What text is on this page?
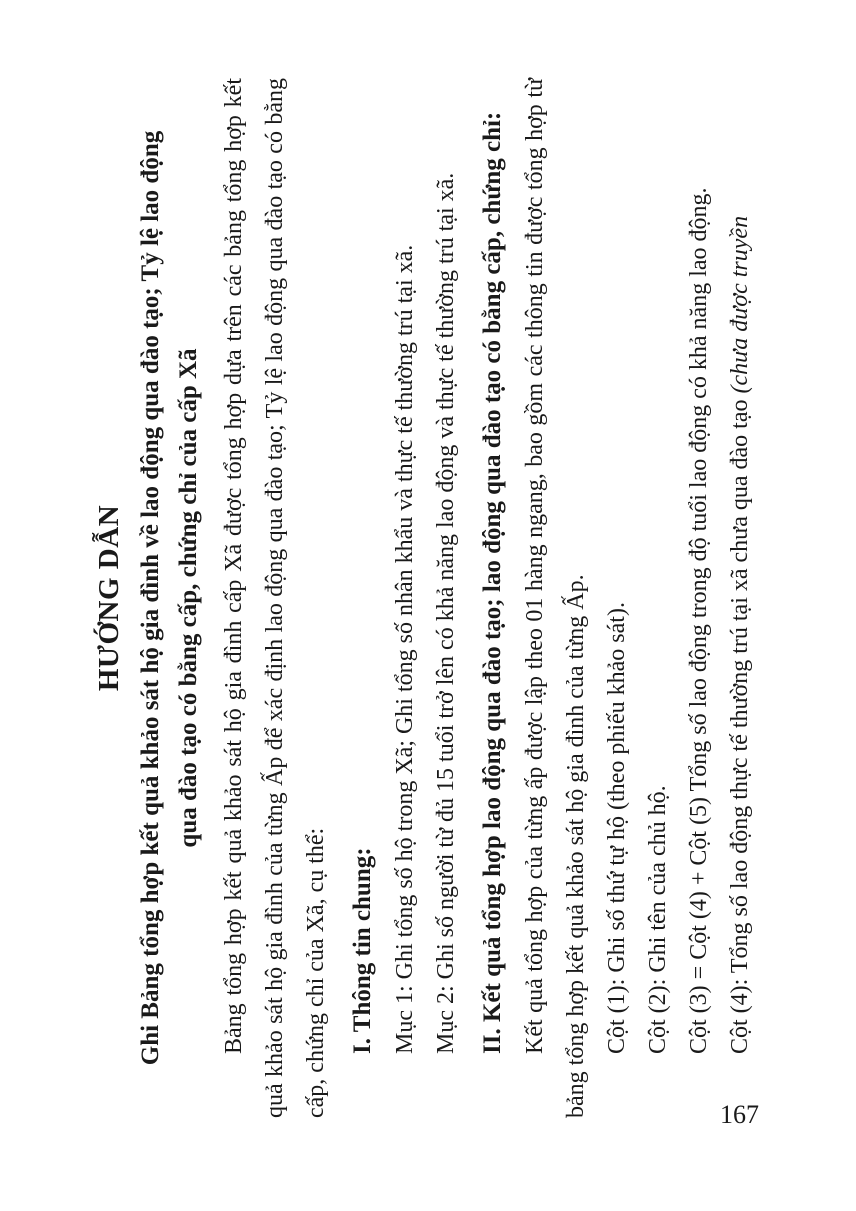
167
HƯỚNG DẪN Ghi Bảng tổng hợp kết quả khảo sát hộ gia đình về lao động qua đào tạo; Tỷ lệ lao động qua đào tạo có bằng cấp, chứng chỉ của cấp Xã Bảng tổng hợp kết quả khảo sát hộ gia đình cấp Xã được tổng hợp dựa trên các bảng tổng hợp kết quả khảo sát hộ gia đình của từng Ấp để xác định lao động qua đào tạo; Tỷ lệ lao động qua đào tạo có bằng cấp, chứng chỉ của Xã, cụ thể: I. Thông tin chung: Mục 1: Ghi tổng số hộ trong Xã; Ghi tổng số nhân khẩu và thực tế thường trú tại xã. Mục 2: Ghi số người từ đủ 15 tuổi trở lên có khả năng lao động và thực tế thường trú tại xã. II. Kết quả tổng hợp lao động qua đào tạo; lao động qua đào tạo có bằng cấp, chứng chỉ: Kết quả tổng hợp của từng ấp được lập theo 01 hàng ngang, bao gồm các thông tin được tổng hợp từ bảng tổng hợp kết quả khảo sát hộ gia đình của từng Ấp. Cột (1): Ghi số thứ tự hộ (theo phiếu khảo sát). Cột (2): Ghi tên của chủ hộ. Cột (3) = Cột (4) + Cột (5) Tổng số lao động trong độ tuổi lao động có khả năng lao động. Cột (4): Tổng số lao động thực tế thường trú tại xã chưa qua đào tạo (chưa được truyền
